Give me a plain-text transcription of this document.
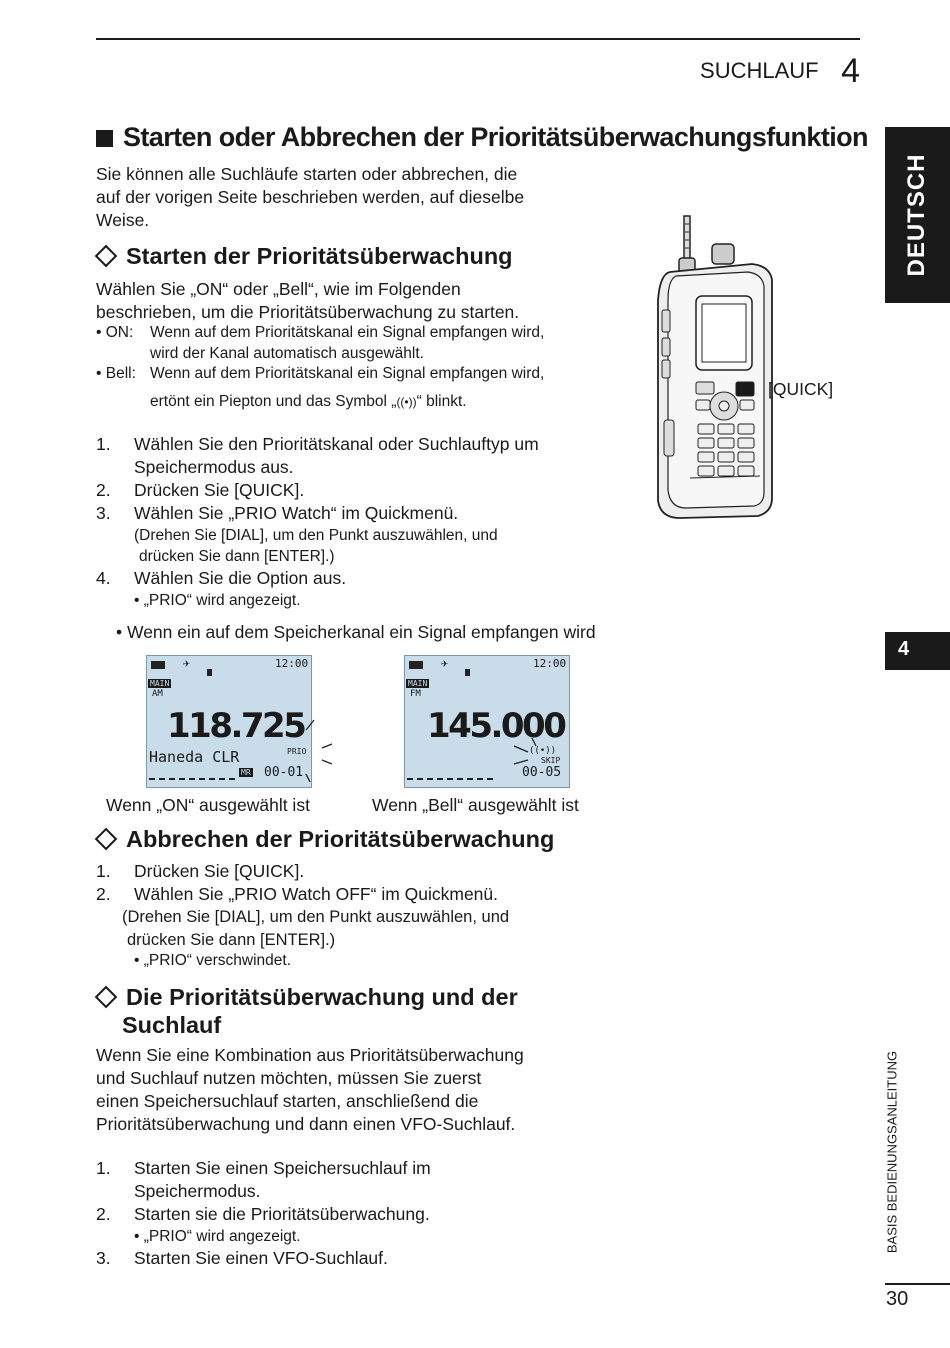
SUCHLAUF 4
DEUTSCH
4
BASIS BEDIENUNGSANLEITUNG
30
Starten oder Abbrechen der Prioritätsüberwachungsfunktion
Sie können alle Suchläufe starten oder abbrechen, die
auf der vorigen Seite beschrieben werden, auf dieselbe
Weise.
Starten der Prioritätsüberwachung
Wählen Sie „ON“ oder „Bell“, wie im Folgenden
beschrieben, um die Prioritätsüberwachung zu starten.
• ON: Wenn auf dem Prioritätskanal ein Signal empfangen wird,
wird der Kanal automatisch ausgewählt.
• Bell: Wenn auf dem Prioritätskanal ein Signal empfangen wird,
ertönt ein Piepton und das Symbol „((•))“ blinkt.
1. Wählen Sie den Prioritätskanal oder Suchlauftyp um
Speichermodus aus.
2. Drücken Sie [QUICK].
3. Wählen Sie „PRIO Watch“ im Quickmenü.
(Drehen Sie [DIAL], um den Punkt auszuwählen, und
drücken Sie dann [ENTER].)
4. Wählen Sie die Option aus.
• „PRIO“ wird angezeigt.
[QUICK]
• Wenn ein auf dem Speicherkanal ein Signal empfangen wird
✈	12:00
MAIN
AM
118.725
Haneda CLR	PRIO
MR 00-01
Wenn „ON“ ausgewählt ist
✈	12:00
MAIN
FM
145.000
((•))
SKIP
00-05
Wenn „Bell“ ausgewählt ist
Abbrechen der Prioritätsüberwachung
1. Drücken Sie [QUICK].
2. Wählen Sie „PRIO Watch OFF“ im Quickmenü.
(Drehen Sie [DIAL], um den Punkt auszuwählen, und
drücken Sie dann [ENTER].)
• „PRIO“ verschwindet.
Die Prioritätsüberwachung und der
Suchlauf
Wenn Sie eine Kombination aus Prioritätsüberwachung
und Suchlauf nutzen möchten, müssen Sie zuerst
einen Speichersuchlauf starten, anschließend die
Prioritätsüberwachung und dann einen VFO-Suchlauf.
1. Starten Sie einen Speichersuchlauf im
Speichermodus.
2. Starten sie die Prioritätsüberwachung.
• „PRIO“ wird angezeigt.
3. Starten Sie einen VFO-Suchlauf.
